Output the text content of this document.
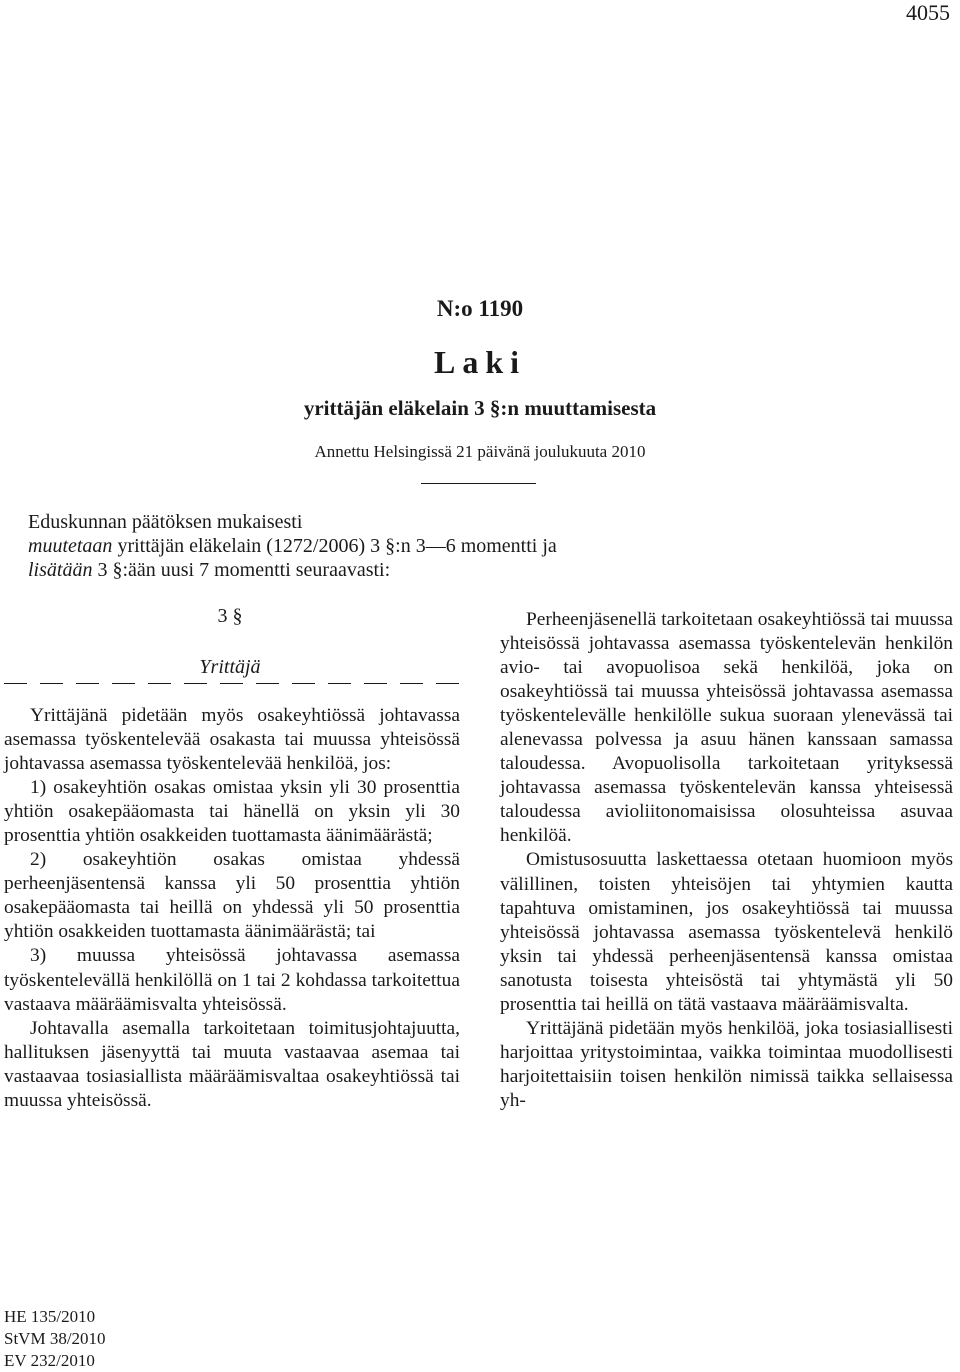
4055
N:o 1190
Laki
yrittäjän eläkelain 3 §:n muuttamisesta
Annettu Helsingissä 21 päivänä joulukuuta 2010

Eduskunnan päätöksen mukaisesti

muutetaan yrittäjän eläkelain (1272/2006) 3 §:n 3—6 momentti ja

lisätään 3 §:ään uusi 7 momentti seuraavasti:

3 §
Yrittäjä

Yrittäjänä pidetään myös osakeyhtiössä johtavassa asemassa työskentelevää osakasta tai muussa yhteisössä johtavassa asemassa työskentelevää henkilöä, jos:

1) osakeyhtiön osakas omistaa yksin yli 30 prosenttia yhtiön osakepääomasta tai hänellä on yksin yli 30 prosenttia yhtiön osakkeiden tuottamasta äänimäärästä;

2) osakeyhtiön osakas omistaa yhdessä perheenjäsentensä kanssa yli 50 prosenttia yhtiön osakepääomasta tai heillä on yhdessä yli 50 prosenttia yhtiön osakkeiden tuottamasta äänimäärästä; tai

3) muussa yhteisössä johtavassa asemassa työskentelevällä henkilöllä on 1 tai 2 kohdassa tarkoitettua vastaava määräämisvalta yhteisössä.

Johtavalla asemalla tarkoitetaan toimitusjohtajuutta, hallituksen jäsenyyttä tai muuta vastaavaa asemaa tai vastaavaa tosiasiallista määräämisvaltaa osakeyhtiössä tai muussa yhteisössä.

Perheenjäsenellä tarkoitetaan osakeyhtiössä tai muussa yhteisössä johtavassa asemassa työskentelevän henkilön avio- tai avopuolisoa sekä henkilöä, joka on osakeyhtiössä tai muussa yhteisössä johtavassa asemassa työskentelevälle henkilölle sukua suoraan ylenevässä tai alenevassa polvessa ja asuu hänen kanssaan samassa taloudessa. Avopuolisolla tarkoitetaan yrityksessä johtavassa asemassa työskentelevän kanssa yhteisessä taloudessa avioliitonomaisissa olosuhteissa asuvaa henkilöä.

Omistusosuutta laskettaessa otetaan huomioon myös välillinen, toisten yhteisöjen tai yhtymien kautta tapahtuva omistaminen, jos osakeyhtiössä tai muussa yhteisössä johtavassa asemassa työskentelevä henkilö yksin tai yhdessä perheenjäsentensä kanssa omistaa sanotusta toisesta yhteisöstä tai yhtymästä yli 50 prosenttia tai heillä on tätä vastaava määräämisvalta.

Yrittäjänä pidetään myös henkilöä, joka tosiasiallisesti harjoittaa yritystoimintaa, vaikka toimintaa muodollisesti harjoitettaisiin toisen henkilön nimissä taikka sellaisessa yh-

HE 135/2010
StVM 38/2010
EV 232/2010
